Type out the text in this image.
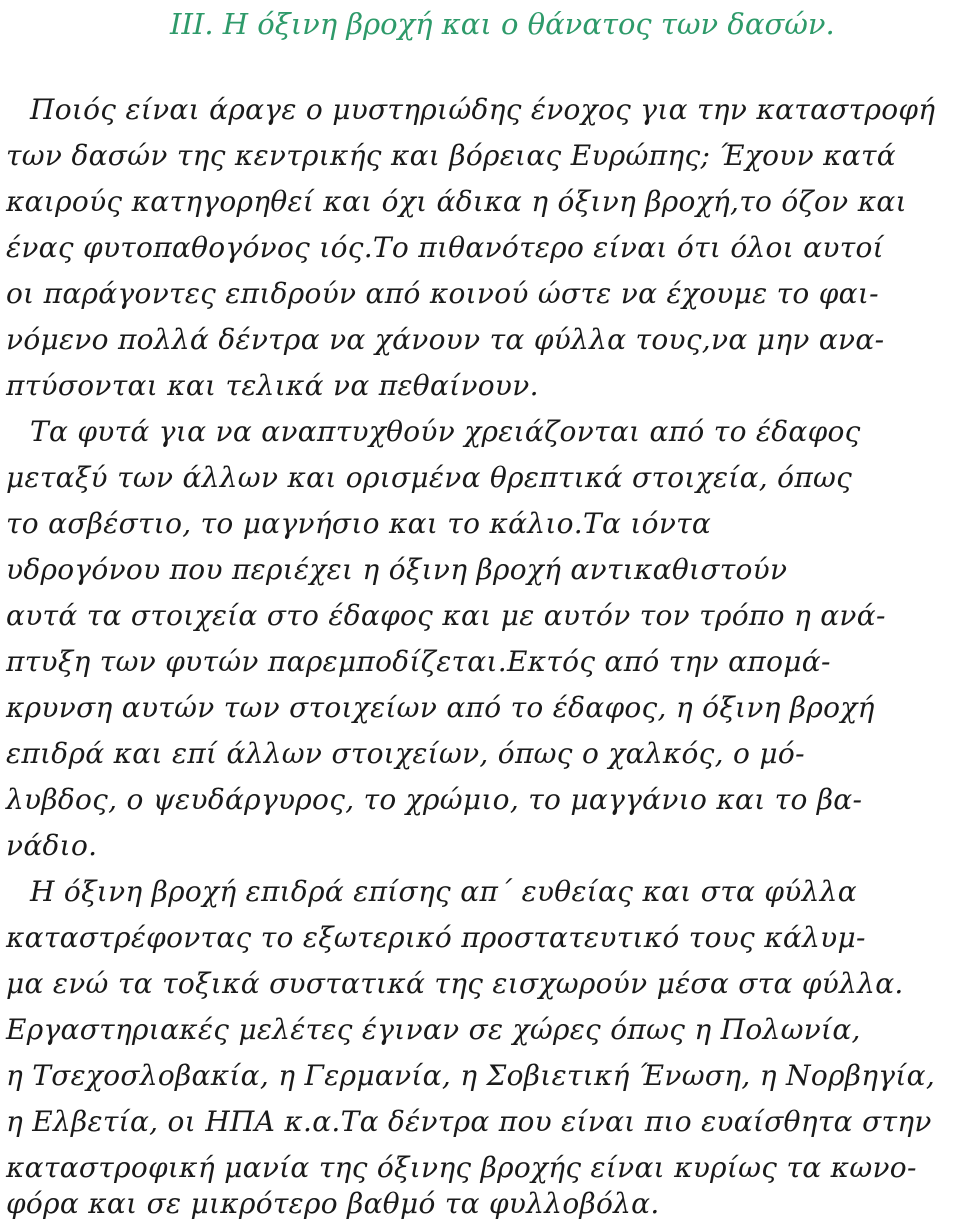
III. Η όξινη βροχή και ο θάνατος των δασών.

Ποιός είναι άραγε ο μυστηριώδης ένοχος για την καταστροφή

των δασών της κεντρικής και βόρειας Ευρώπης; Έχουν κατά

καιρούς κατηγορηθεί και όχι άδικα η όξινη βροχή,το όζον και

ένας φυτοπαθογόνος ιός.Το πιθανότερο είναι ότι όλοι αυτοί

οι παράγοντες επιδρούν από κοινού ώστε να έχουμε το φαι-

νόμενο πολλά δέντρα να χάνουν τα φύλλα τους,να μην ανα-

πτύσονται και τελικά να πεθαίνουν.

Τα φυτά για να αναπτυχθούν χρειάζονται από το έδαφος

μεταξύ των άλλων και ορισμένα θρεπτικά στοιχεία, όπως

το ασβέστιο, το μαγνήσιο και το κάλιο.Τα ιόντα

υδρογόνου που περιέχει η όξινη βροχή αντικαθιστούν

αυτά τα στοιχεία στο έδαφος και με αυτόν τον τρόπο η ανά-

πτυξη των φυτών παρεμποδίζεται.Εκτός από την απομά-

κρυνση αυτών των στοιχείων από το έδαφος, η όξινη βροχή

επιδρά και επί άλλων στοιχείων, όπως ο χαλκός, ο μό-

λυβδος, ο ψευδάργυρος, το χρώμιο, το μαγγάνιο και το βα-

νάδιο.

Η όξινη βροχή επιδρά επίσης απ΄ ευθείας και στα φύλλα

καταστρέφοντας το εξωτερικό προστατευτικό τους κάλυμ-

μα ενώ τα τοξικά συστατικά της εισχωρούν μέσα στα φύλλα.

Εργαστηριακές μελέτες έγιναν σε χώρες όπως η Πολωνία,

η Τσεχοσλοβακία, η Γερμανία, η Σοβιετική Ένωση, η Νορβηγία,

η Ελβετία, οι ΗΠΑ κ.α.Τα δέντρα που είναι πιο ευαίσθητα στην

καταστροφική μανία της όξινης βροχής είναι κυρίως τα κωνο-

φόρα και σε μικρότερο βαθμό τα φυλλοβόλα.
